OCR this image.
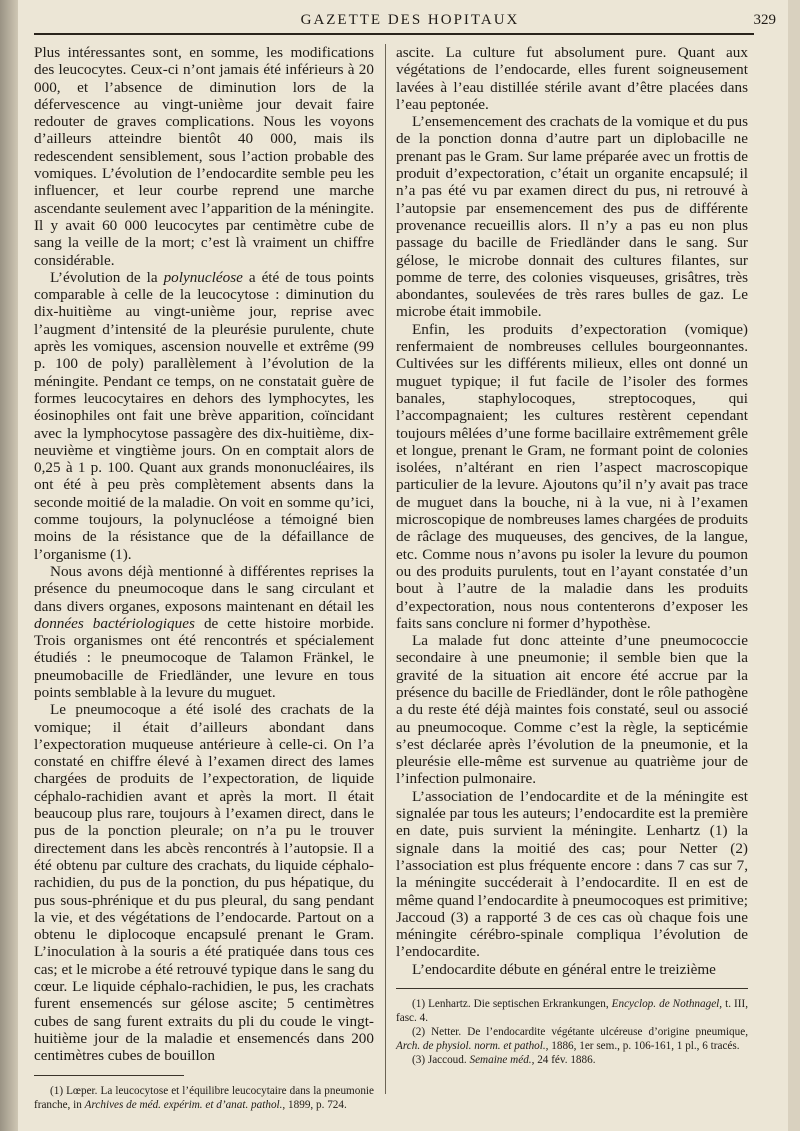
GAZETTE DES HOPITAUX	329

Plus intéressantes sont, en somme, les modifications des leucocytes. Ceux-ci n’ont jamais été inférieurs à 20 000, et l’absence de diminution lors de la défervescence au vingt-unième jour devait faire redouter de graves complications. Nous les voyons d’ailleurs atteindre bientôt 40 000, mais ils redescendent sensiblement, sous l’action probable des vomiques. L’évolution de l’endocardite semble peu les influencer, et leur courbe reprend une marche ascendante seulement avec l’apparition de la méningite. Il y avait 60 000 leucocytes par centimètre cube de sang la veille de la mort; c’est là vraiment un chiffre considérable.

L’évolution de la polynucléose a été de tous points comparable à celle de la leucocytose : diminution du dix-huitième au vingt-unième jour, reprise avec l’augment d’intensité de la pleurésie purulente, chute après les vomiques, ascension nouvelle et extrême (99 p. 100 de poly) parallèlement à l’évolution de la méningite. Pendant ce temps, on ne constatait guère de formes leucocytaires en dehors des lymphocytes, les éosinophiles ont fait une brève apparition, coïncidant avec la lymphocytose passagère des dix-huitième, dix-neuvième et vingtième jours. On en comptait alors de 0,25 à 1 p. 100. Quant aux grands mononucléaires, ils ont été à peu près complètement absents dans la seconde moitié de la maladie. On voit en somme qu’ici, comme toujours, la polynucléose a témoigné bien moins de la résistance que de la défaillance de l’organisme (1).

Nous avons déjà mentionné à différentes reprises la présence du pneumocoque dans le sang circulant et dans divers organes, exposons maintenant en détail les données bactériologiques de cette histoire morbide. Trois organismes ont été rencontrés et spécialement étudiés : le pneumocoque de Talamon Fränkel, le pneumobacille de Friedländer, une levure en tous points semblable à la levure du muguet.

Le pneumocoque a été isolé des crachats de la vomique; il était d’ailleurs abondant dans l’expectoration muqueuse antérieure à celle-ci. On l’a constaté en chiffre élevé à l’examen direct des lames chargées de produits de l’expectoration, de liquide céphalo-rachidien avant et après la mort. Il était beaucoup plus rare, toujours à l’examen direct, dans le pus de la ponction pleurale; on n’a pu le trouver directement dans les abcès rencontrés à l’autopsie. Il a été obtenu par culture des crachats, du liquide céphalo-rachidien, du pus de la ponction, du pus hépatique, du pus sous-phrénique et du pus pleural, du sang pendant la vie, et des végétations de l’endocarde. Partout on a obtenu le diplocoque encapsulé prenant le Gram. L’inoculation à la souris a été pratiquée dans tous ces cas; et le microbe a été retrouvé typique dans le sang du cœur. Le liquide céphalo-rachidien, le pus, les crachats furent ensemencés sur gélose ascite; 5 centimètres cubes de sang furent extraits du pli du coude le vingt-huitième jour de la maladie et ensemencés dans 200 centimètres cubes de bouillon

(1) Lœper. La leucocytose et l’équilibre leucocytaire dans la pneumonie franche, in Archives de méd. expérim. et d’anat. pathol., 1899, p. 724.

ascite. La culture fut absolument pure. Quant aux végétations de l’endocarde, elles furent soigneusement lavées à l’eau distillée stérile avant d’être placées dans l’eau peptonée.

L’ensemencement des crachats de la vomique et du pus de la ponction donna d’autre part un diplobacille ne prenant pas le Gram. Sur lame préparée avec un frottis de produit d’expectoration, c’était un organite encapsulé; il n’a pas été vu par examen direct du pus, ni retrouvé à l’autopsie par ensemencement des pus de différente provenance recueillis alors. Il n’y a pas eu non plus passage du bacille de Friedländer dans le sang. Sur gélose, le microbe donnait des cultures filantes, sur pomme de terre, des colonies visqueuses, grisâtres, très abondantes, soulevées de très rares bulles de gaz. Le microbe était immobile.

Enfin, les produits d’expectoration (vomique) renfermaient de nombreuses cellules bourgeonnantes. Cultivées sur les différents milieux, elles ont donné un muguet typique; il fut facile de l’isoler des formes banales, staphylocoques, streptocoques, qui l’accompagnaient; les cultures restèrent cependant toujours mêlées d’une forme bacillaire extrêmement grêle et longue, prenant le Gram, ne formant point de colonies isolées, n’altérant en rien l’aspect macroscopique particulier de la levure. Ajoutons qu’il n’y avait pas trace de muguet dans la bouche, ni à la vue, ni à l’examen microscopique de nombreuses lames chargées de produits de râclage des muqueuses, des gencives, de la langue, etc. Comme nous n’avons pu isoler la levure du poumon ou des produits purulents, tout en l’ayant constatée d’un bout à l’autre de la maladie dans les produits d’expectoration, nous nous contenterons d’exposer les faits sans conclure ni former d’hypothèse.

La malade fut donc atteinte d’une pneumococcie secondaire à une pneumonie; il semble bien que la gravité de la situation ait encore été accrue par la présence du bacille de Friedländer, dont le rôle pathogène a du reste été déjà maintes fois constaté, seul ou associé au pneumocoque. Comme c’est la règle, la septicémie s’est déclarée après l’évolution de la pneumonie, et la pleurésie elle-même est survenue au quatrième jour de l’infection pulmonaire.

L’association de l’endocardite et de la méningite est signalée par tous les auteurs; l’endocardite est la première en date, puis survient la méningite. Lenhartz (1) la signale dans la moitié des cas; pour Netter (2) l’association est plus fréquente encore : dans 7 cas sur 7, la méningite succéderait à l’endocardite. Il en est de même quand l’endocardite à pneumocoques est primitive; Jaccoud (3) a rapporté 3 de ces cas où chaque fois une méningite cérébro-spinale compliqua l’évolution de l’endocardite.

L’endocardite débute en général entre le treizième

(1) Lenhartz. Die septischen Erkrankungen, Encyclop. de Nothnagel, t. III, fasc. 4.

(2) Netter. De l’endocardite végétante ulcéreuse d’origine pneumique, Arch. de physiol. norm. et pathol., 1886, 1er sem., p. 106-161, 1 pl., 6 tracés.

(3) Jaccoud. Semaine méd., 24 fév. 1886.
